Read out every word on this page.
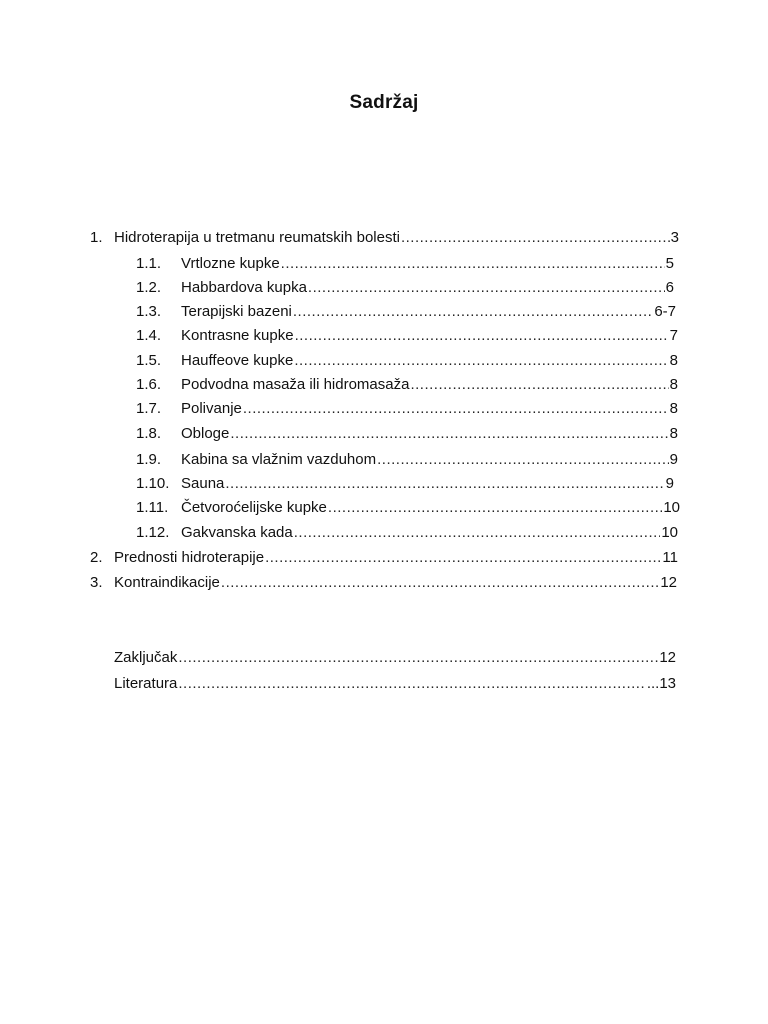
Sadržaj
1. Hidroterapija u tretmanu reumatskih bolesti .....	3
1.1.	Vrtlozne kupke .....	5
1.2.	Habbardova kupka .....	6
1.3.	Terapijski bazeni .....	6-7
1.4.	Kontrasne kupke .....	7
1.5.	Hauffeove kupke .....	8
1.6.	Podvodna masaža ili hidromasaža .....	8
1.7.	Polivanje .....	8
1.8.	Obloge .....	8
1.9.	Kabina sa vlažnim vazduhom .....	9
1.10. Sauna .....	9
1.11. Četvoroćelijske kupke .....	10
1.12. Gakvanska kada .....	10
2. Prednosti hidroterapije .....	11
3. Kontraindikacije .....	12
Zaključak .....	12
Literatura .....	...13
